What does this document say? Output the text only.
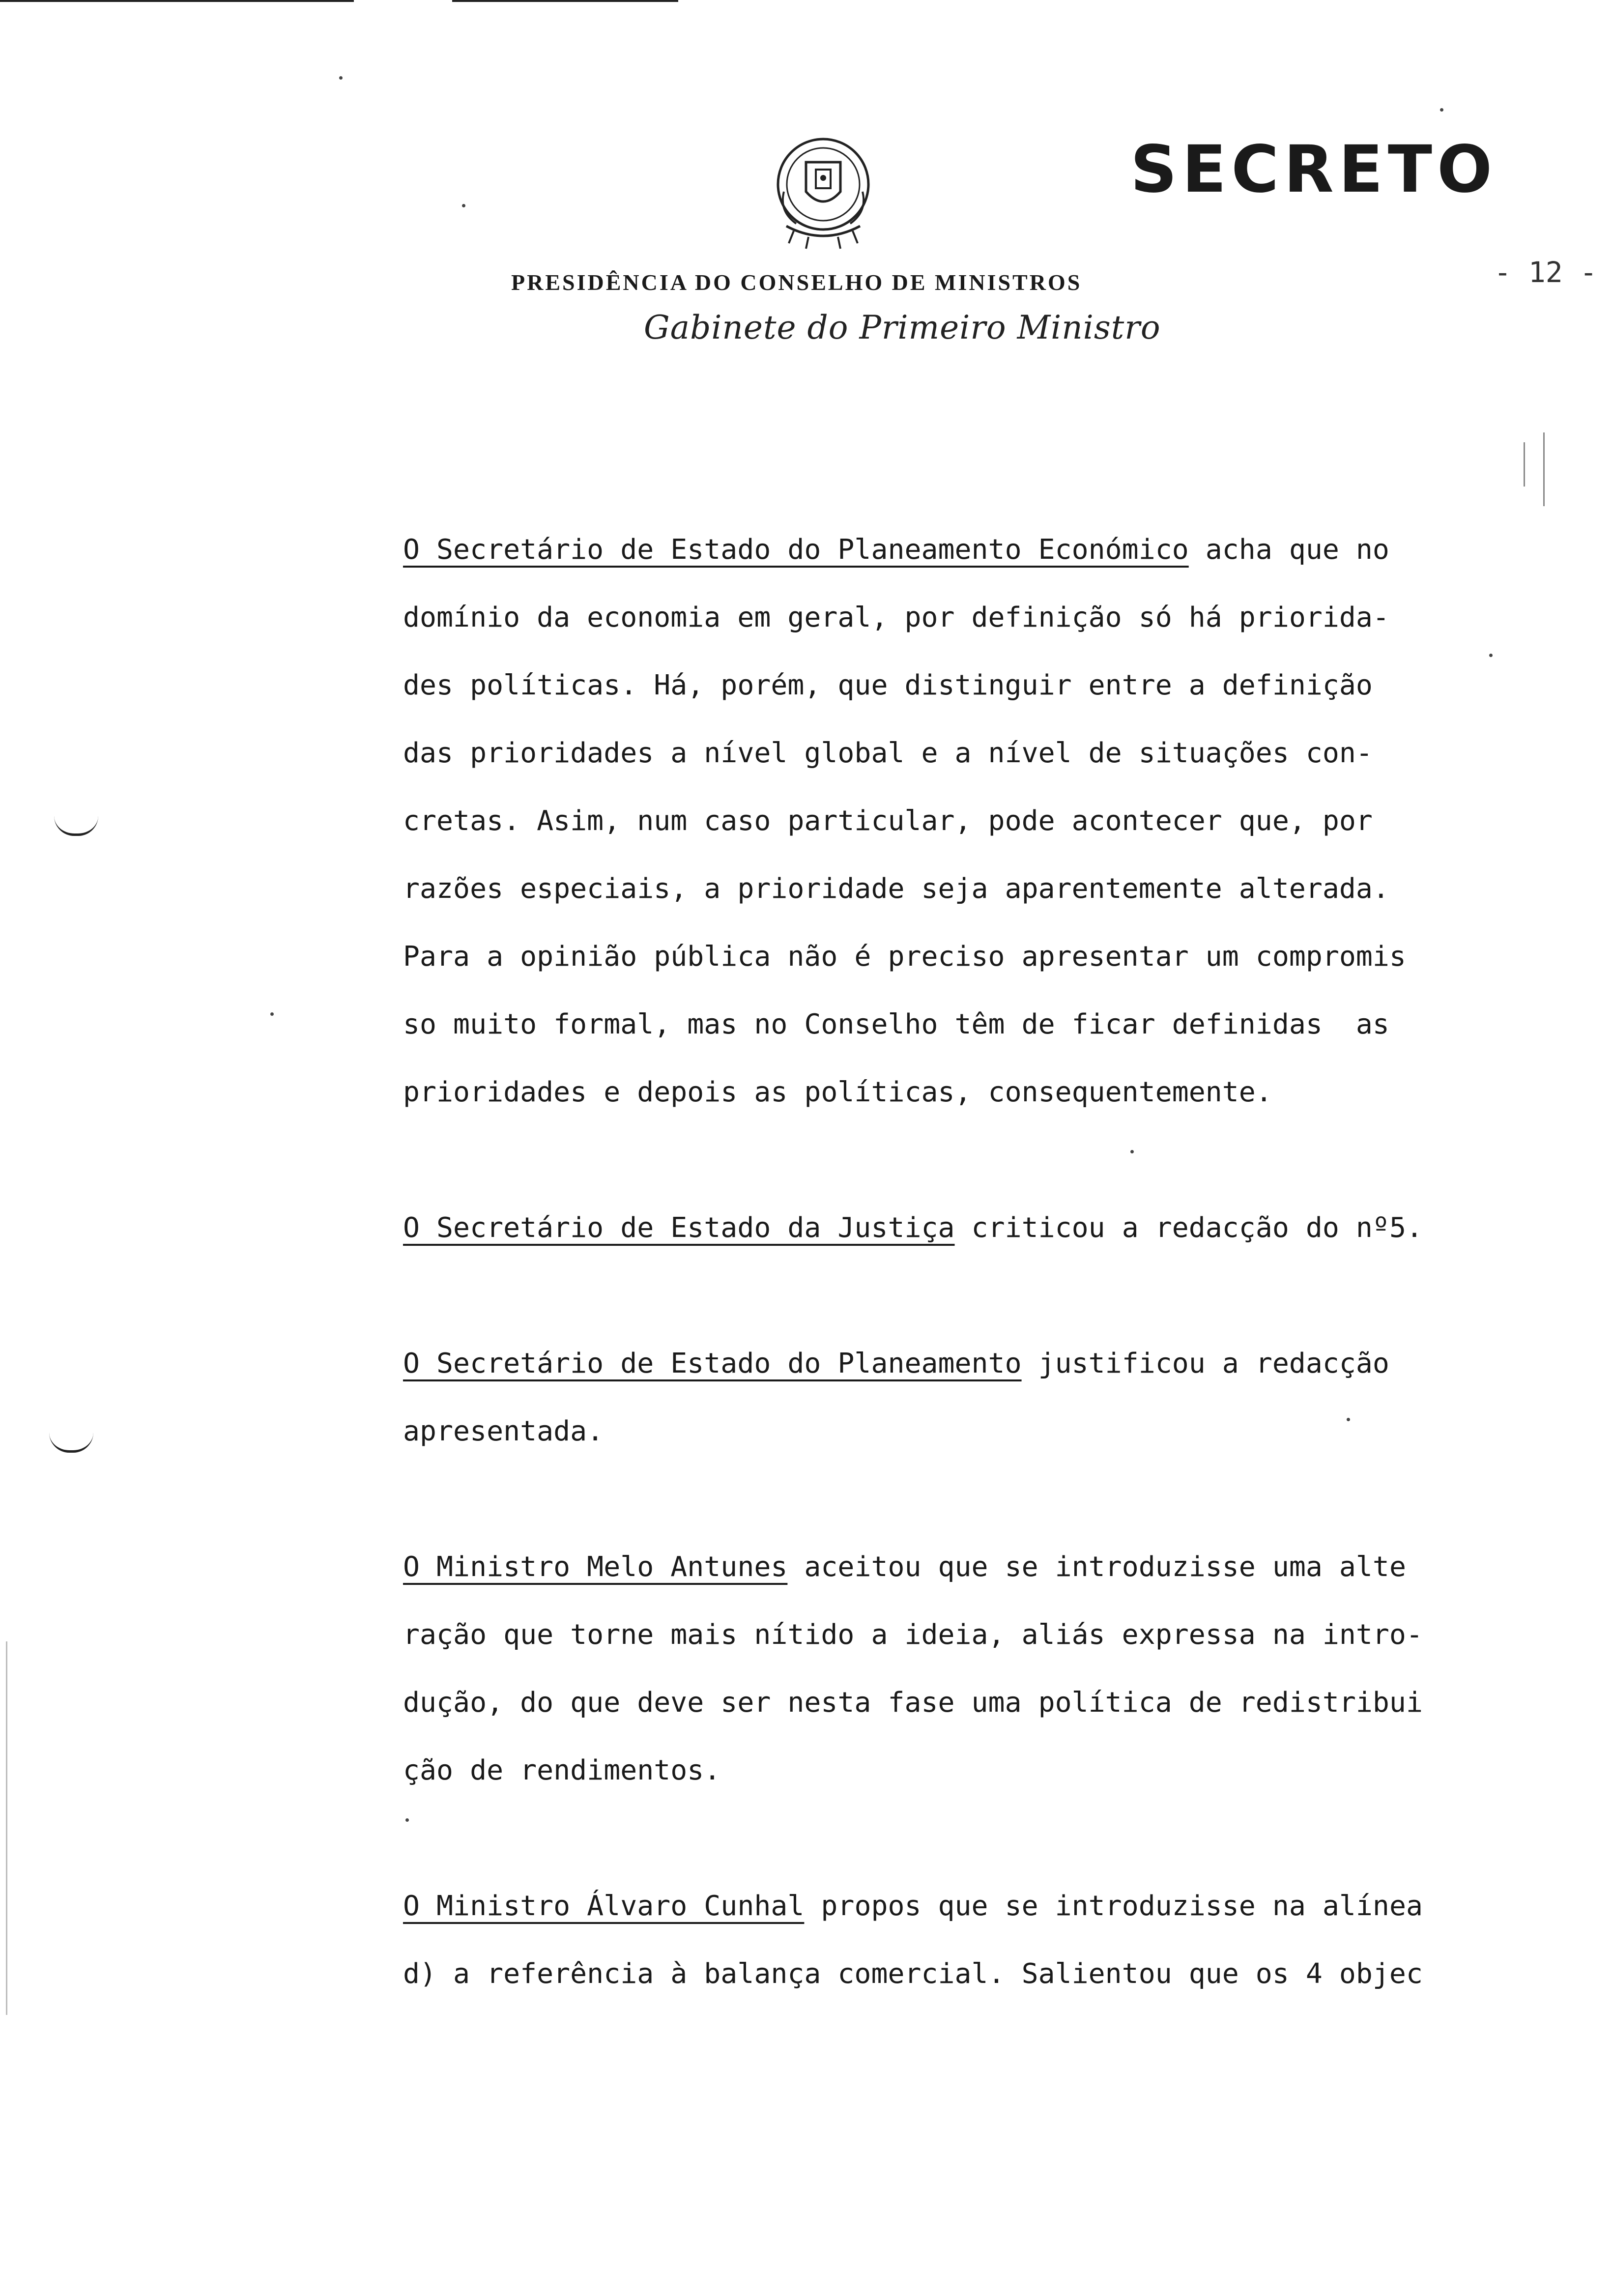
SECRETO
- 12 -
PRESIDÊNCIA DO CONSELHO DE MINISTROS
Gabinete do Primeiro Ministro
O Secretário de Estado do Planeamento Económico acha que no
domínio da economia em geral, por definição só há priorida-
des políticas. Há, porém, que distinguir entre a definição
das prioridades a nível global e a nível de situações con-
cretas. Asim, num caso particular, pode acontecer que, por
razões especiais, a prioridade seja aparentemente alterada.
Para a opinião pública não é preciso apresentar um compromis
so muito formal, mas no Conselho têm de ficar definidas  as
prioridades e depois as políticas, consequentemente.
O Secretário de Estado da Justiça criticou a redacção do nº5.
O Secretário de Estado do Planeamento justificou a redacção
apresentada.
O Ministro Melo Antunes aceitou que se introduzisse uma alte
ração que torne mais nítido a ideia, aliás expressa na intro-
dução, do que deve ser nesta fase uma política de redistribui
ção de rendimentos.
O Ministro Álvaro Cunhal propos que se introduzisse na alínea
d) a referência à balança comercial. Salientou que os 4 objec
